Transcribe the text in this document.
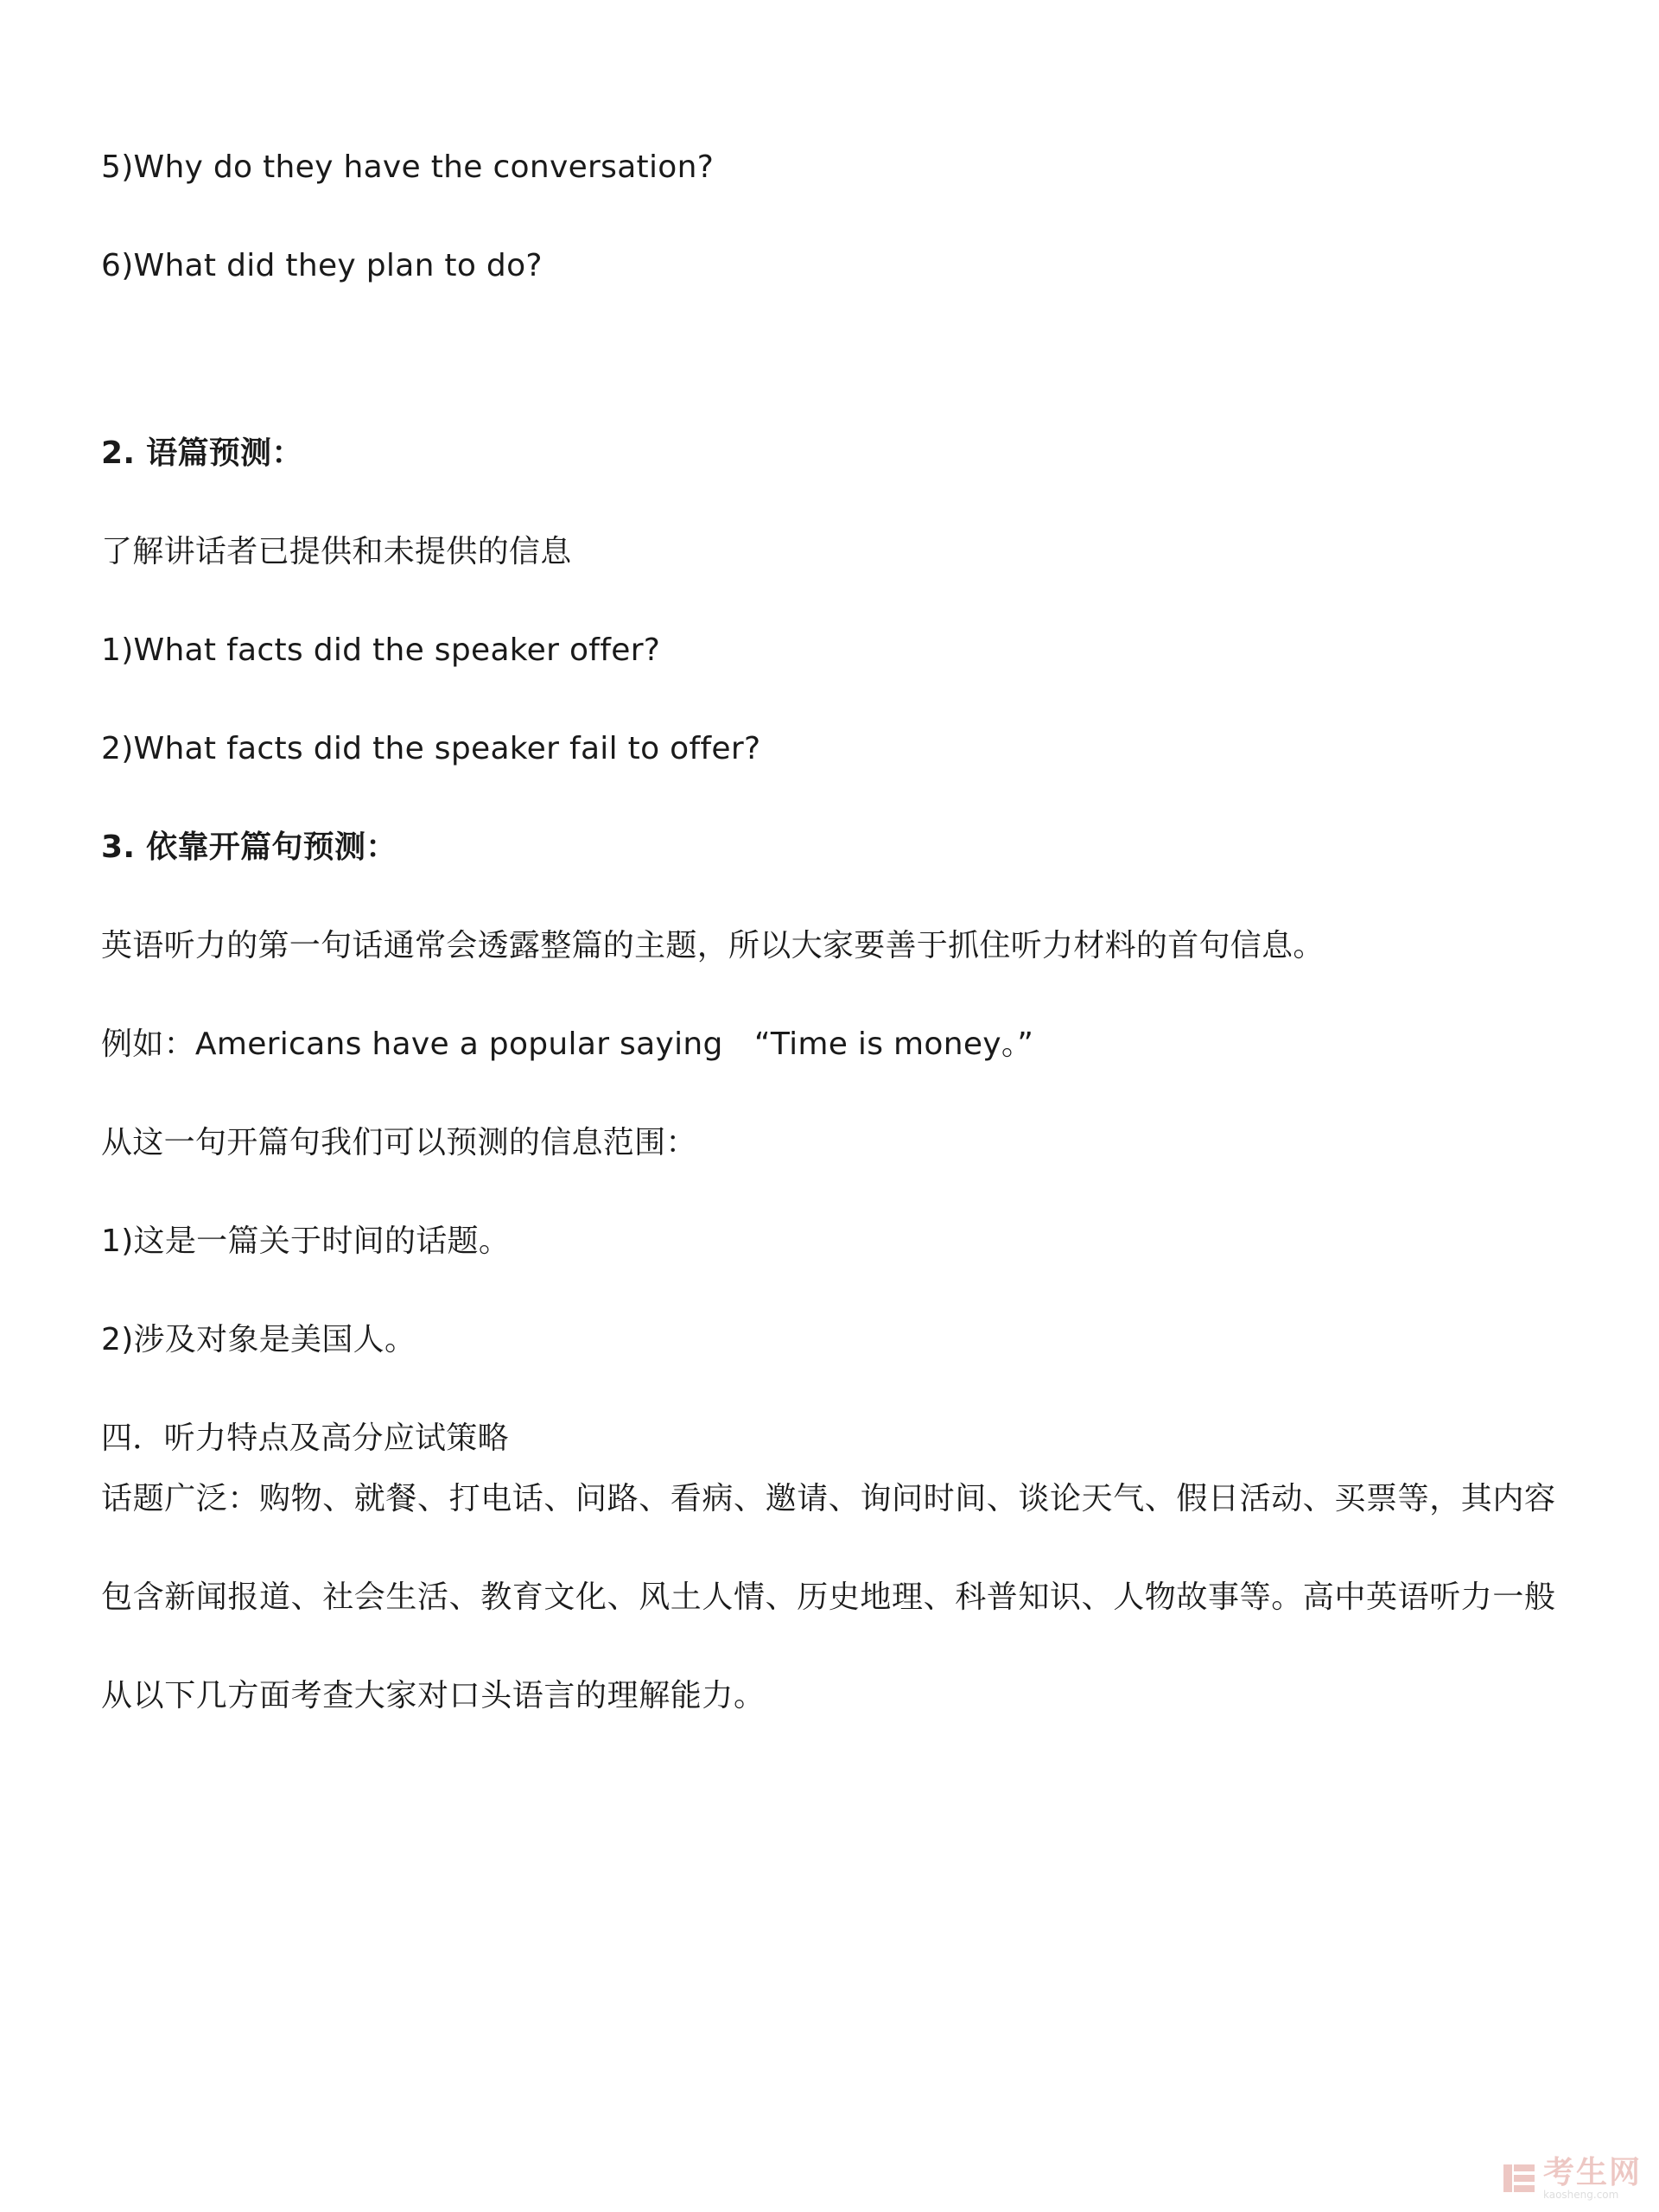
5)Why do they have the conversation?
6)What did they plan to do?
2. 语篇预测：
了解讲话者已提供和未提供的信息
1)What facts did the speaker offer?
2)What facts did the speaker fail to offer?
3. 依靠开篇句预测：
英语听力的第一句话通常会透露整篇的主题，所以大家要善于抓住听力材料的首句信息。
例如：Americans have a popular saying　“Time is money。”
从这一句开篇句我们可以预测的信息范围：
1)这是一篇关于时间的话题。
2)涉及对象是美国人。
四．听力特点及高分应试策略
话题广泛：购物、就餐、打电话、问路、看病、邀请、询问时间、谈论天气、假日活动、买票等，其内容包含新闻报道、社会生活、教育文化、风土人情、历史地理、科普知识、人物故事等。高中英语听力一般从以下几方面考查大家对口头语言的理解能力。
考生网
kaosheng.com
